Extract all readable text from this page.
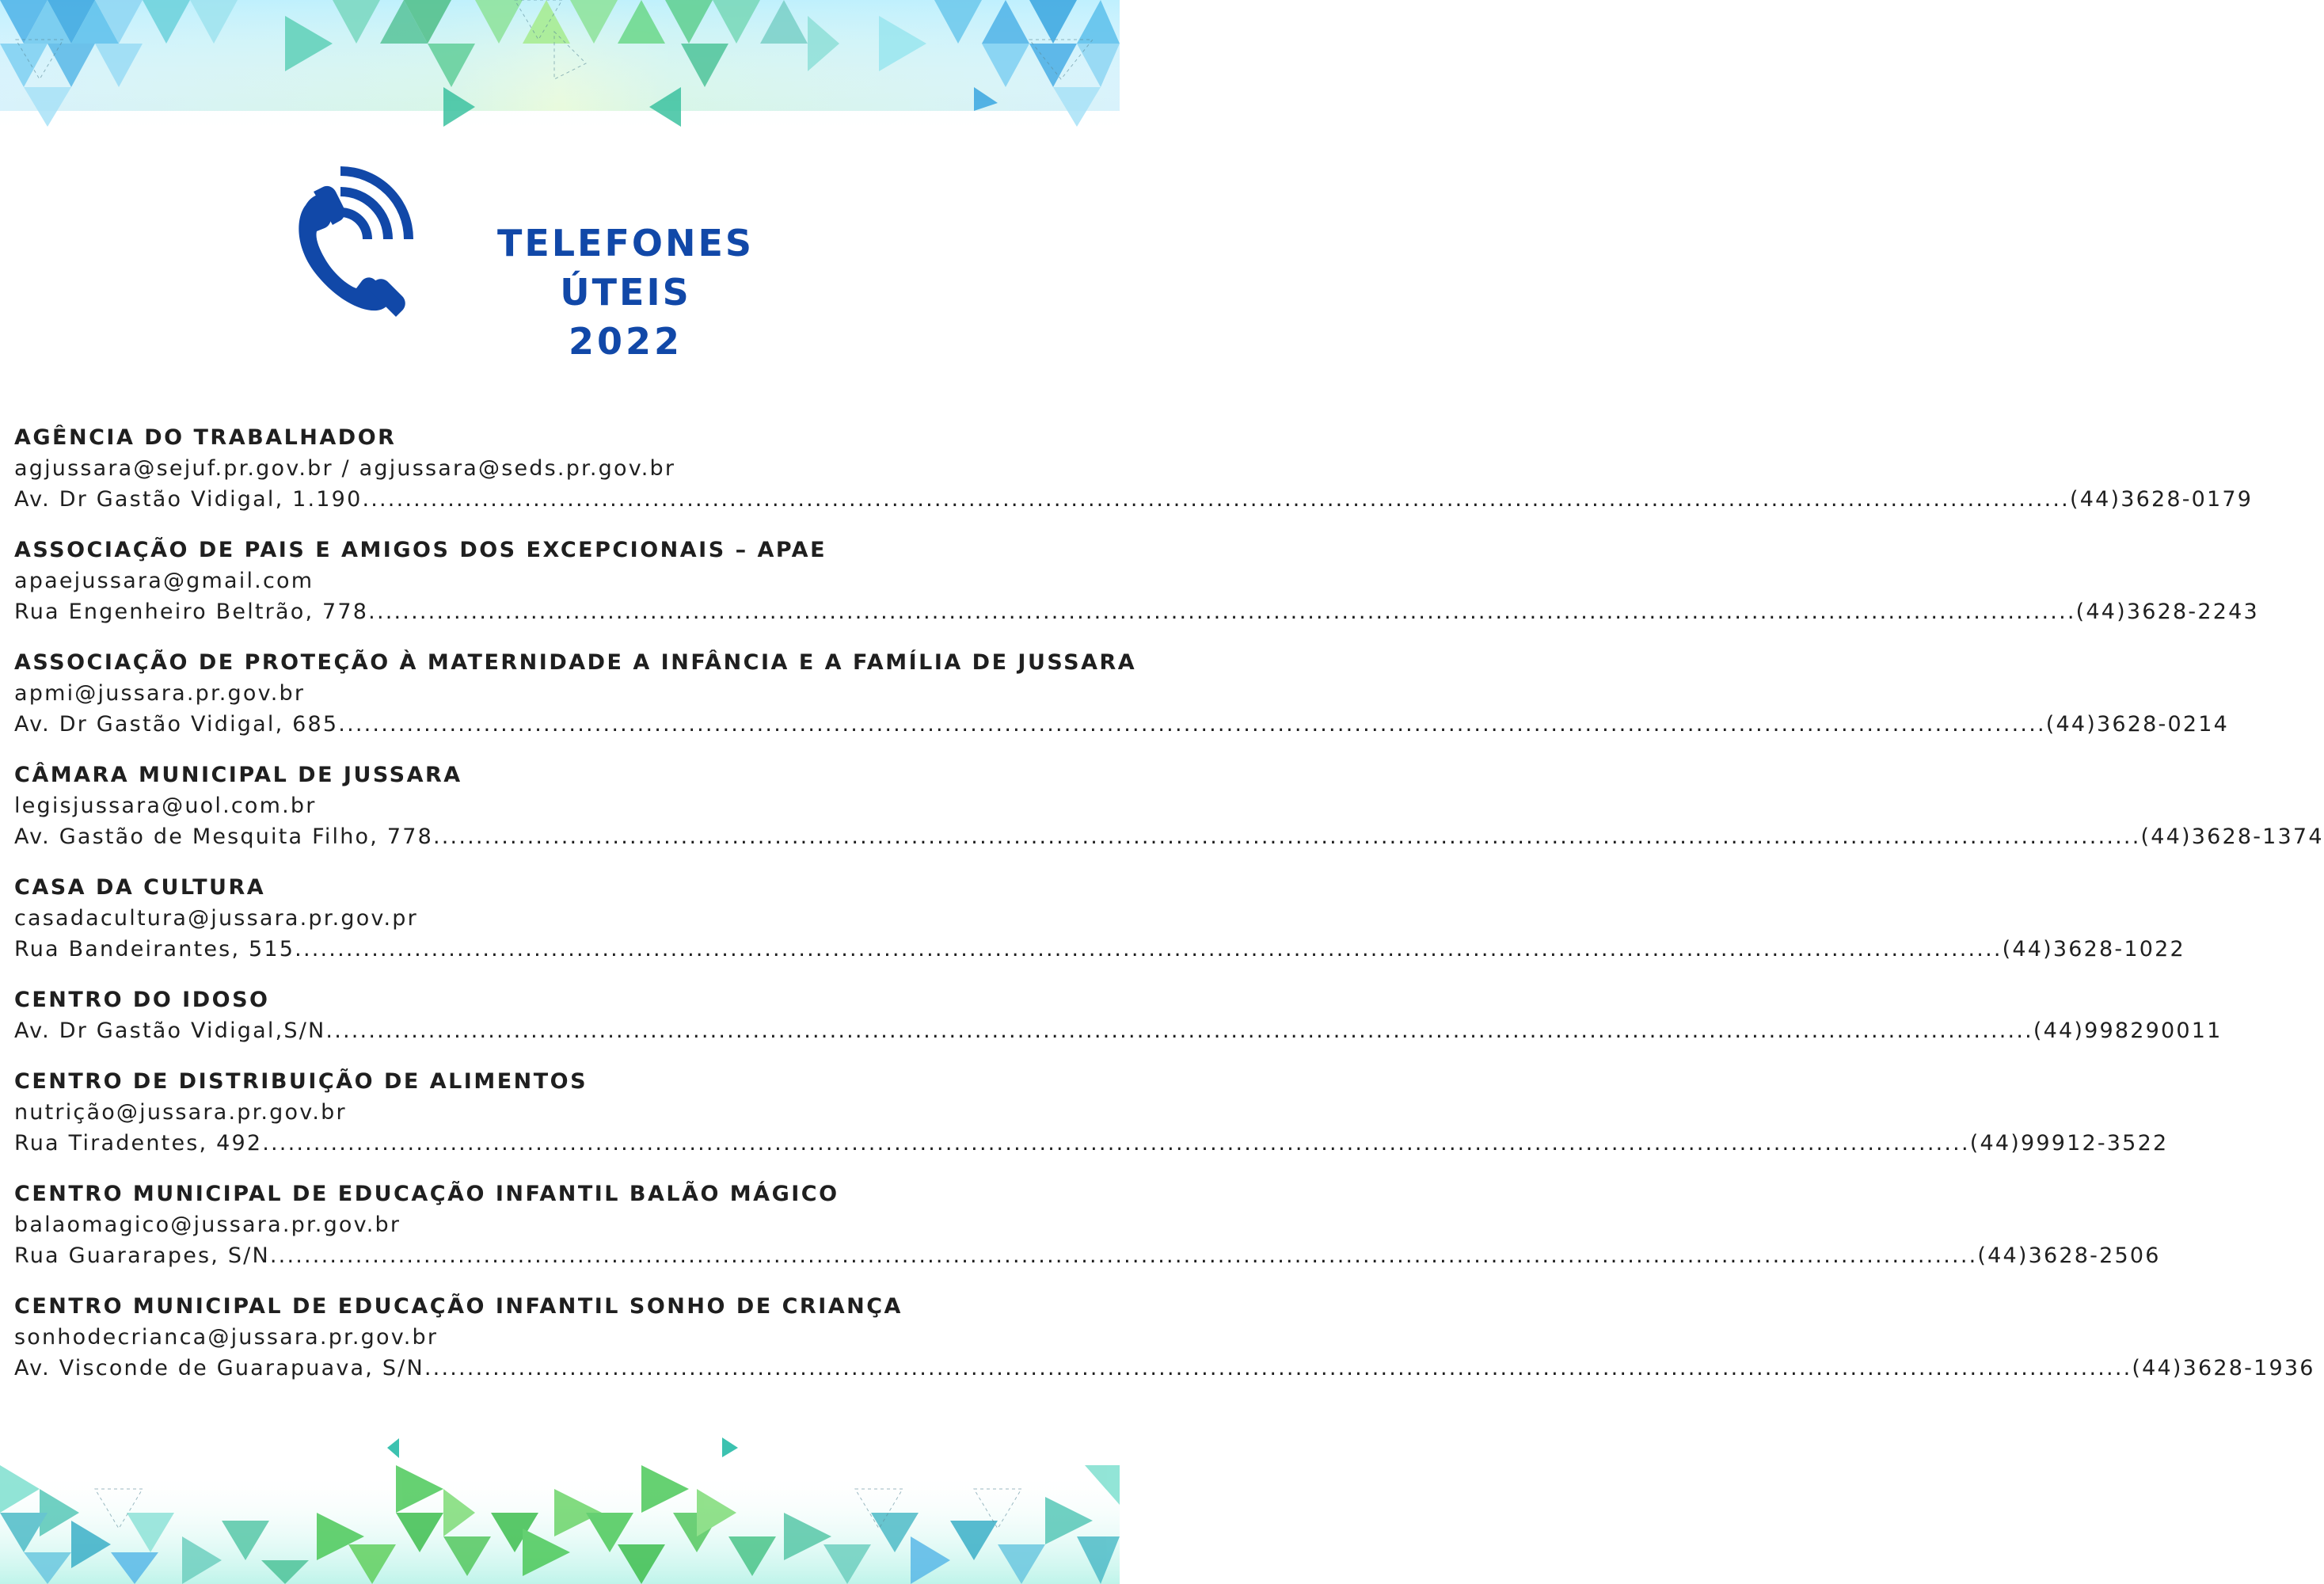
TELEFONES ÚTEIS
2022
AGÊNCIA DO TRABALHADOR
agjussara@sejuf.pr.gov.br / agjussara@seds.pr.gov.br
Av. Dr Gastão Vidigal, 1.190 ........................................................................................................................................................................................................ (44)3628-0179
ASSOCIAÇÃO DE PAIS E AMIGOS DOS EXCEPCIONAIS – APAE
apaejussara@gmail.com
Rua Engenheiro Beltrão, 778 ........................................................................................................................................................................................................ (44)3628-2243
ASSOCIAÇÃO DE PROTEÇÃO À MATERNIDADE A INFÂNCIA E A FAMÍLIA DE JUSSARA
apmi@jussara.pr.gov.br
Av. Dr Gastão Vidigal, 685 ........................................................................................................................................................................................................ (44)3628-0214
CÂMARA MUNICIPAL DE JUSSARA
legisjussara@uol.com.br
Av. Gastão de Mesquita Filho, 778 ........................................................................................................................................................................................................ (44)3628-1374
CASA DA CULTURA
casadacultura@jussara.pr.gov.pr
Rua Bandeirantes, 515 ........................................................................................................................................................................................................ (44)3628-1022
CENTRO DO IDOSO
Av. Dr Gastão Vidigal,S/N ........................................................................................................................................................................................................ (44)998290011
CENTRO DE DISTRIBUIÇÃO DE ALIMENTOS
nutrição@jussara.pr.gov.br
Rua Tiradentes, 492 ........................................................................................................................................................................................................ (44)99912-3522
CENTRO MUNICIPAL DE EDUCAÇÃO INFANTIL BALÃO MÁGICO
balaomagico@jussara.pr.gov.br
Rua Guararapes, S/N ........................................................................................................................................................................................................ (44)3628-2506
CENTRO MUNICIPAL DE EDUCAÇÃO INFANTIL SONHO DE CRIANÇA
sonhodecrianca@jussara.pr.gov.br
Av. Visconde de Guarapuava, S/N ........................................................................................................................................................................................................ (44)3628-1936
